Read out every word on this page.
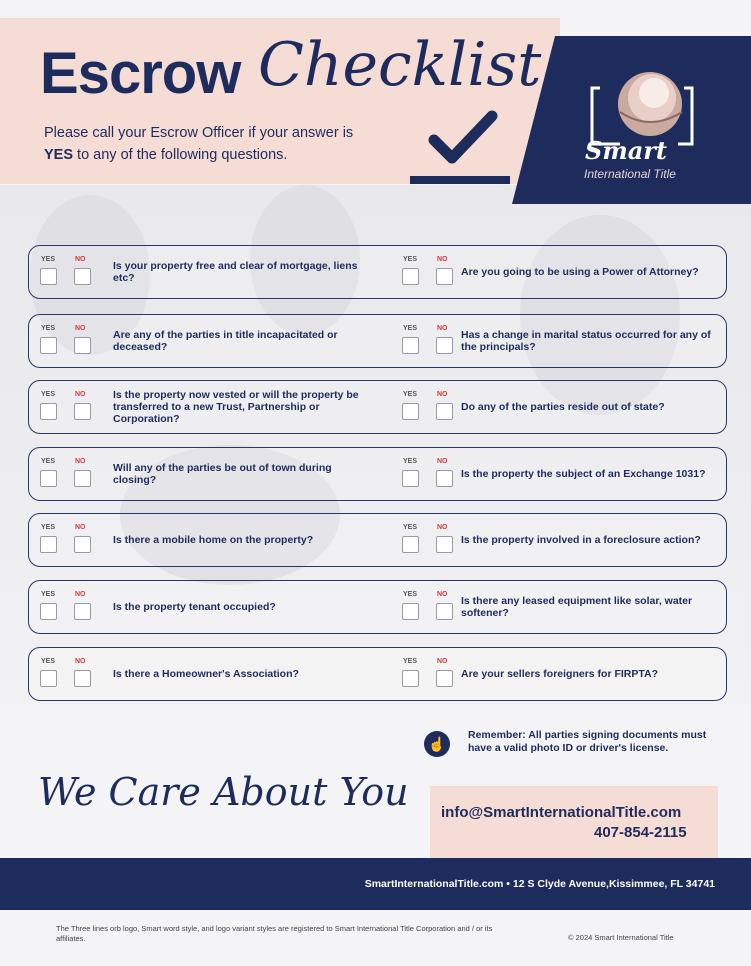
Escrow Checklist
Please call your Escrow Officer if your answer is
YES to any of the following questions.	Smart
International Title
YES	NO
Is your property free and clear of mortgage, liens etc?
YES	NO
Are you going to be using a Power of Attorney?
YES	NO
Are any of the parties in title incapacitated or deceased?
YES	NO
Has a change in marital status occurred for any of the principals?
YES	NO	Is the property now vested or will the property be transferred to a new Trust, Partnership or Corporation?
YES	NO
Do any of the parties reside out of state?
YES	NO
Will any of the parties be out of town during closing?
YES	NO
Is the property the subject of an Exchange 1031?
YES	NO
Is there a mobile home on the property?
YES	NO
Is the property involved in a foreclosure action?
YES	NO
Is the property tenant occupied?
YES	NO
Is there any leased equipment like solar, water softener?
YES	NO
Is there a Homeowner's Association?
YES	NO
Are your sellers foreigners for FIRPTA?
☝
Remember: All parties signing documents must have a valid photo ID or driver's license.
We Care About You info@SmartInternationalTitle.com
407-854-2115
SmartInternationalTitle.com • 12 S Clyde Avenue,Kissimmee, FL 34741
The Three lines orb logo, Smart word style, and logo variant styles are registered to Smart International Title Corporation and / or its affiliates.	© 2024 Smart International Title
